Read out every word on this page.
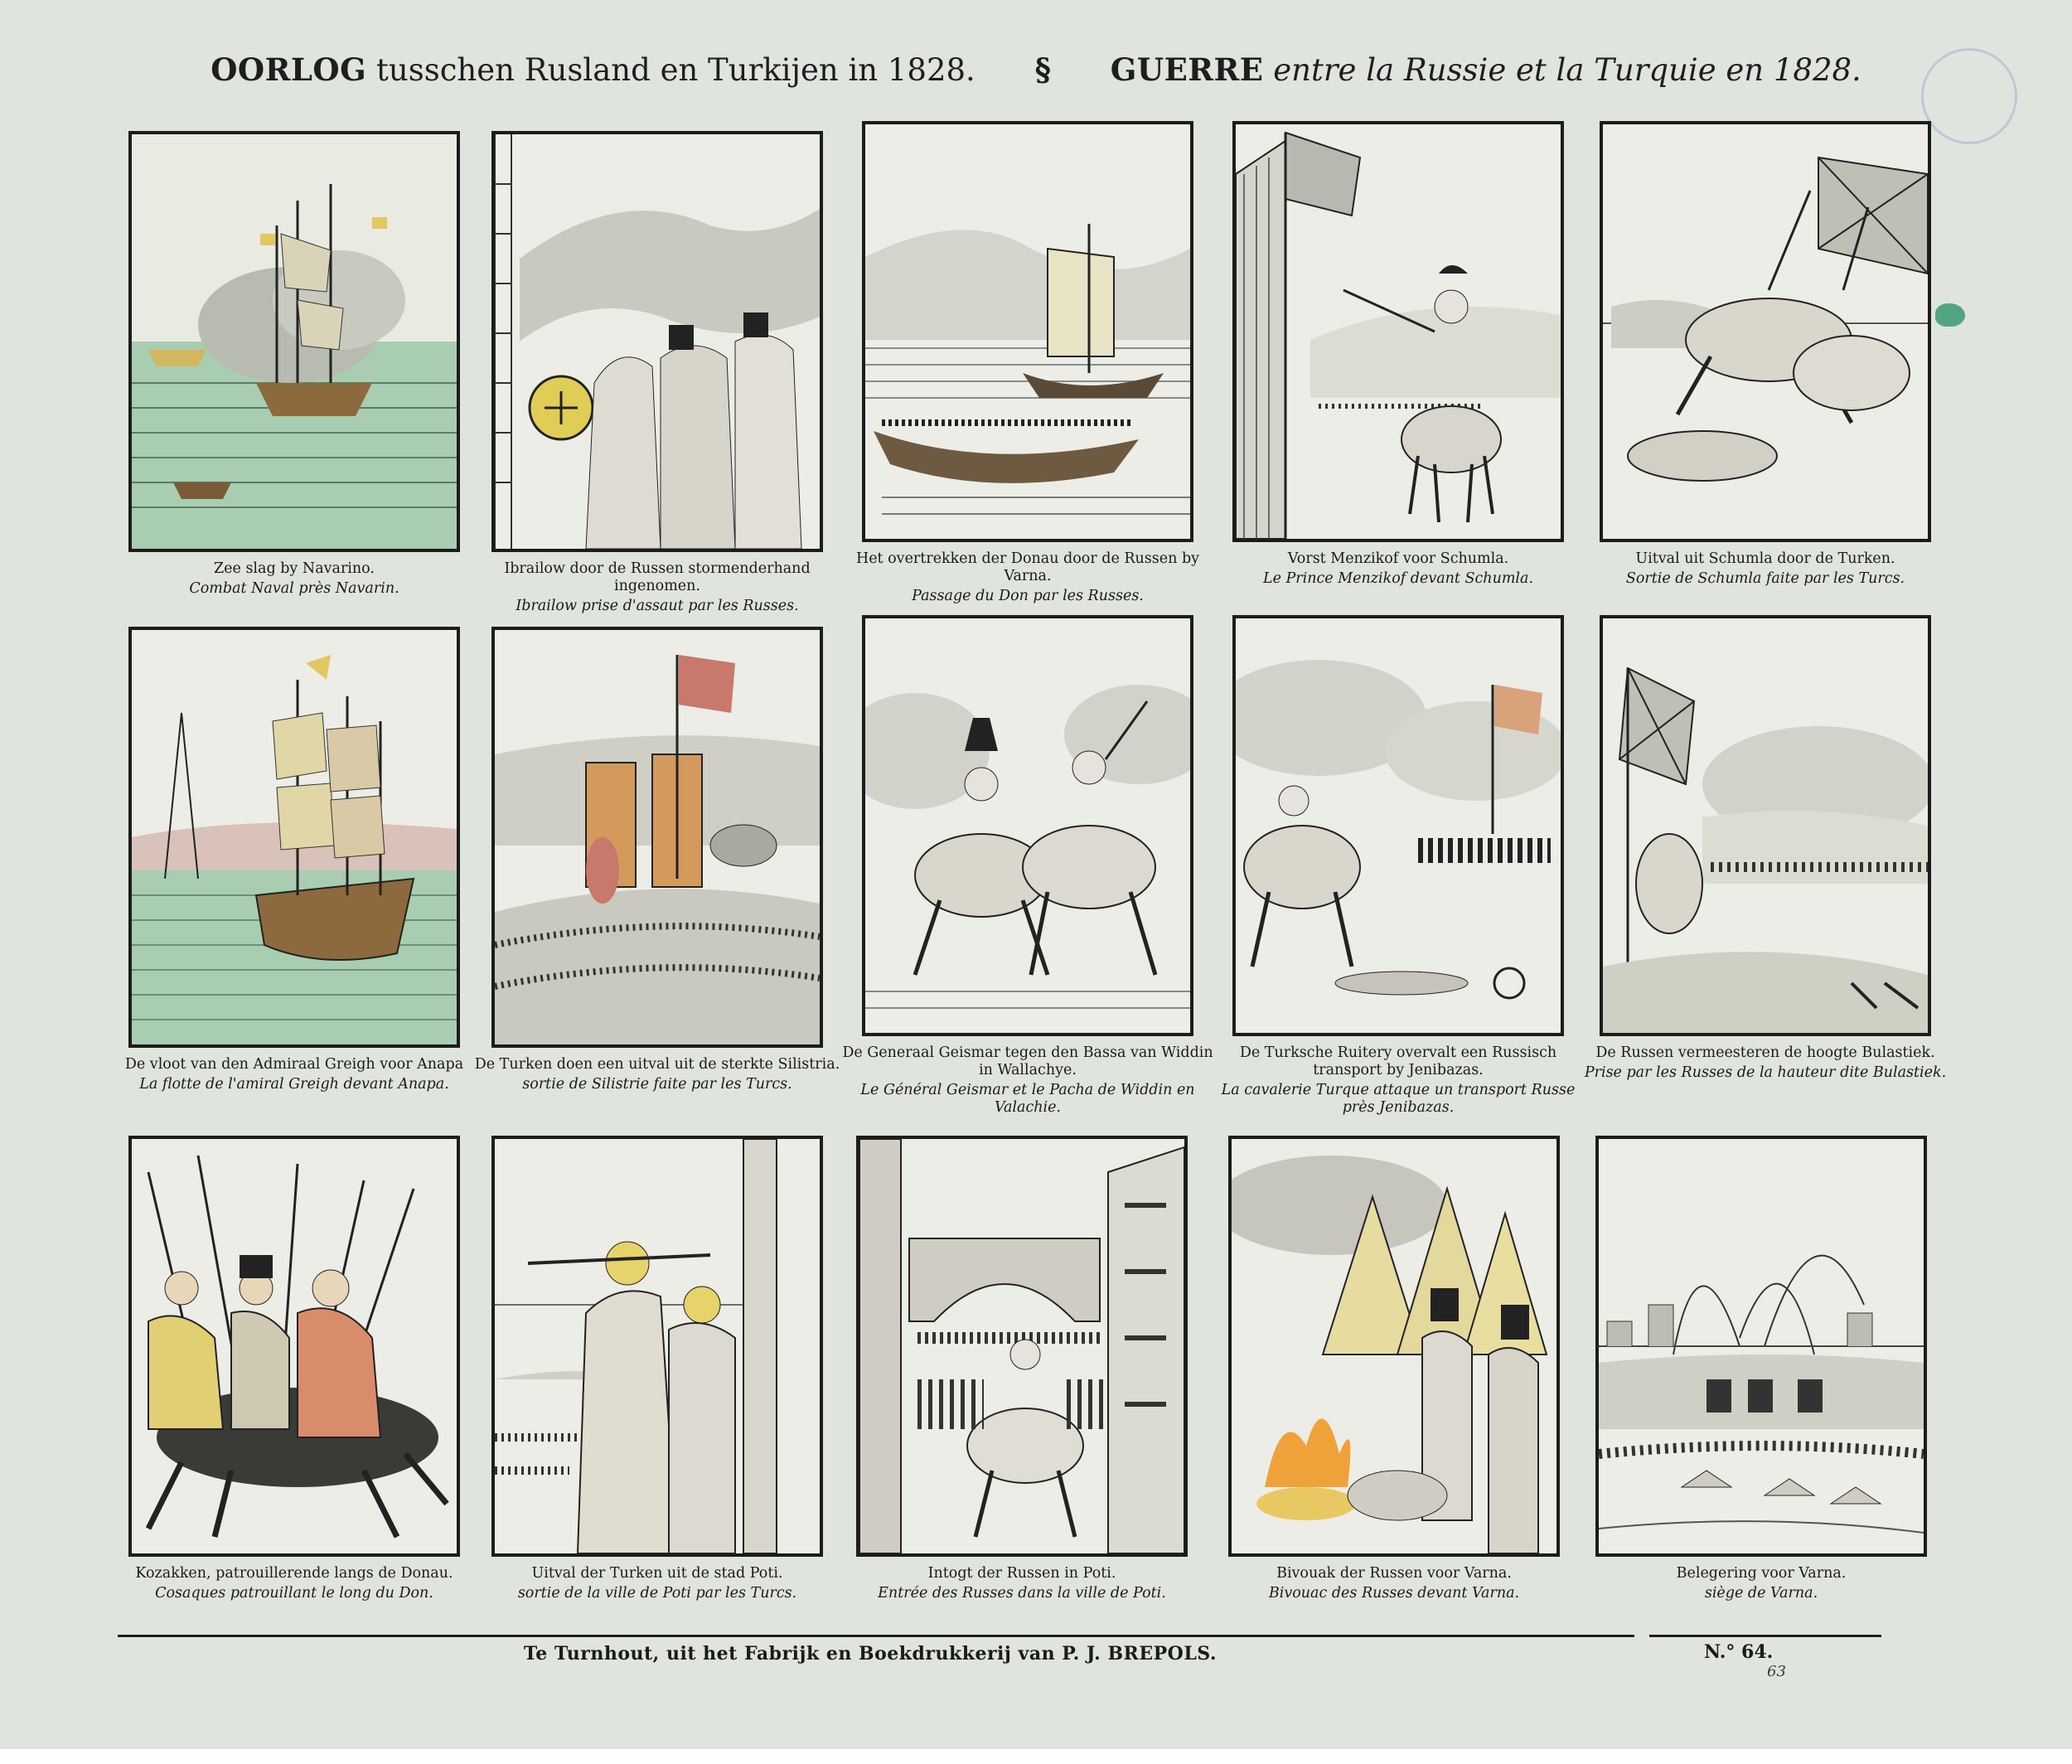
OORLOG tusschen Rusland en Turkijen in 1828. § GUERRE entre la Russie et la Turquie en 1828.
Zee slag by Navarino.
Combat Naval près Navarin.
Ibrailow door de Russen stormenderhand ingenomen.
Ibrailow prise d'assaut par les Russes.
Het overtrekken der Donau door de Russen by Varna.
Passage du Don par les Russes.
Vorst Menzikof voor Schumla.
Le Prince Menzikof devant Schumla.
Uitval uit Schumla door de Turken.
Sortie de Schumla faite par les Turcs.
De vloot van den Admiraal Greigh voor Anapa
La flotte de l'amiral Greigh devant Anapa.
De Turken doen een uitval uit de sterkte Silistria.
sortie de Silistrie faite par les Turcs.
De Generaal Geismar tegen den Bassa van Widdin in Wallachye.
Le Général Geismar et le Pacha de Widdin en Valachie.
De Turksche Ruitery overvalt een Russisch transport by Jenibazas.
La cavalerie Turque attaque un transport Russe près Jenibazas.
De Russen vermeesteren de hoogte Bulastiek.
Prise par les Russes de la hauteur dite Bulastiek.
Kozakken, patrouillerende langs de Donau.
Cosaques patrouillant le long du Don.
Uitval der Turken uit de stad Poti.
sortie de la ville de Poti par les Turcs.
Intogt der Russen in Poti.
Entrée des Russes dans la ville de Poti.
Bivouak der Russen voor Varna.
Bivouac des Russes devant Varna.
Belegering voor Varna.
siège de Varna.
Te Turnhout, uit het Fabrijk en Boekdrukkerij van P. J. BREPOLS.	N.° 64.
63
